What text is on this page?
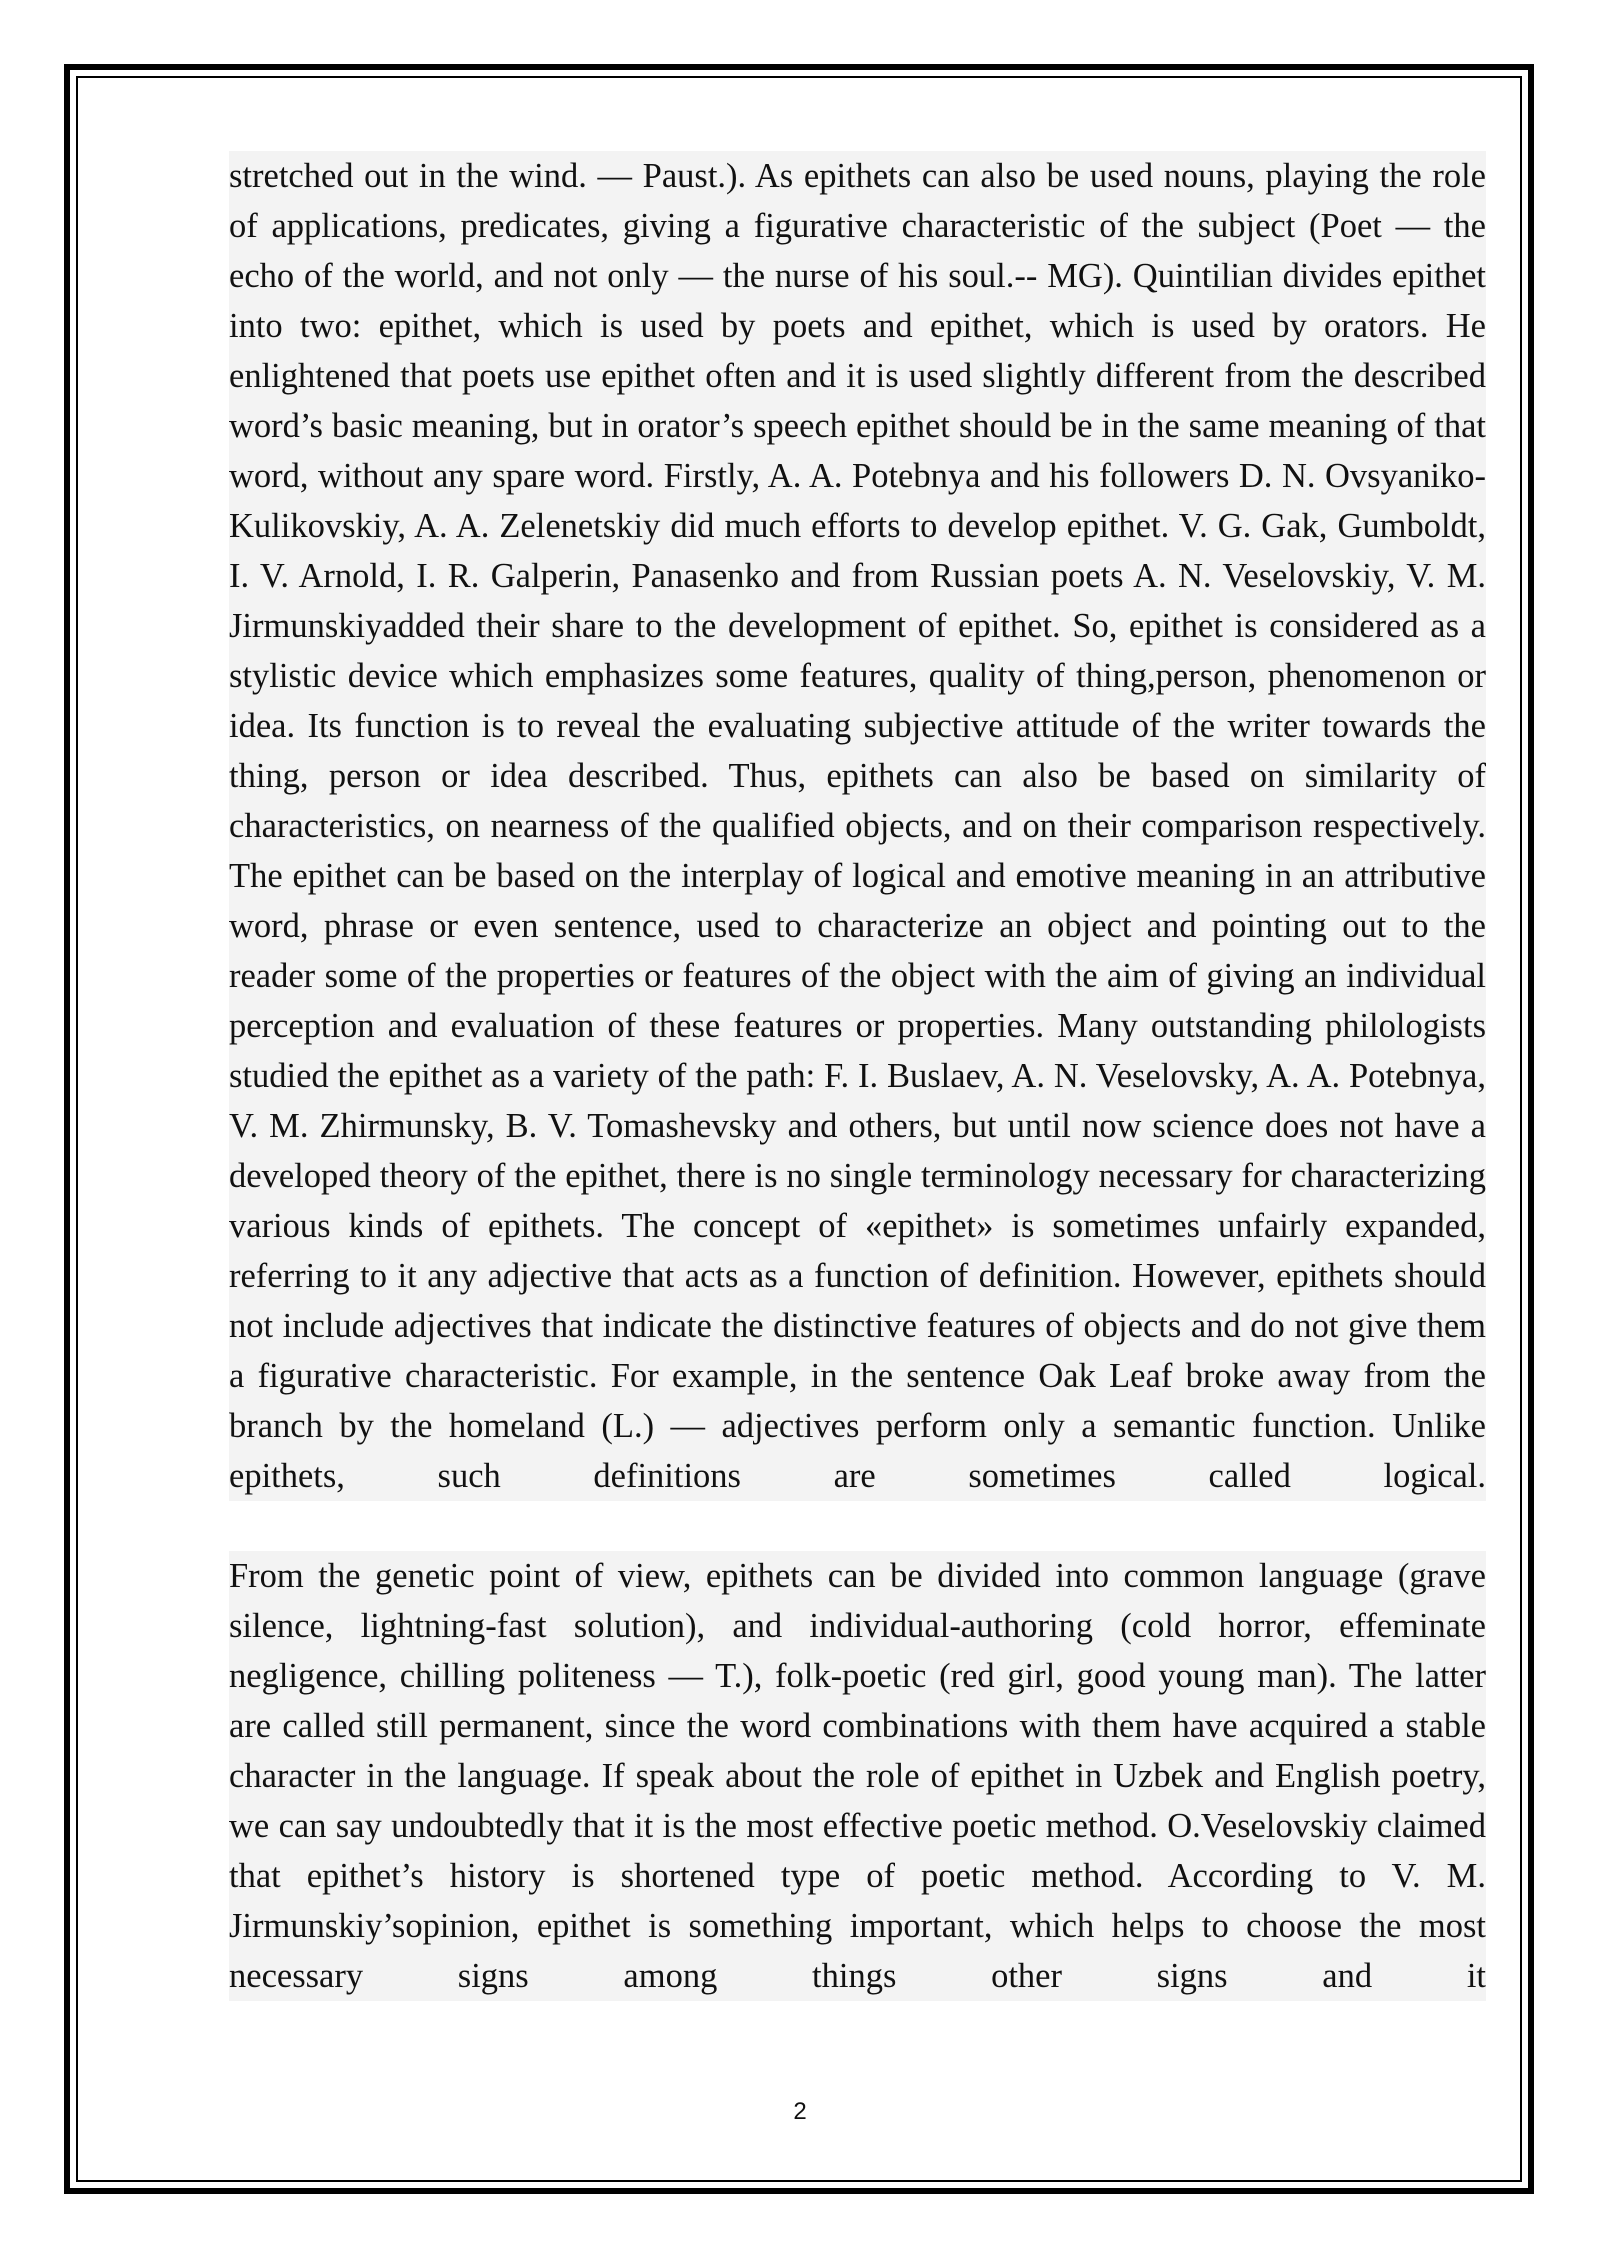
stretched out in the wind. — Paust.). As epithets can also be used nouns, playing the role of applications, predicates, giving a figurative characteristic of the subject (Poet — the echo of the world, and not only — the nurse of his soul.-- MG). Quintilian divides epithet into two: epithet, which is used by poets and epithet, which is used by orators. He enlightened that poets use epithet often and it is used slightly different from the described word’s basic meaning, but in orator’s speech epithet should be in the same meaning of that word, without any spare word. Firstly, A. A. Potebnya and his followers D. N. Ovsyaniko-Kulikovskiy, A. A. Zelenetskiy did much efforts to develop epithet. V. G. Gak, Gumboldt, I. V. Arnold, I. R. Galperin, Panasenko and from Russian poets A. N. Veselovskiy, V. M. Jirmunskiyadded their share to the development of epithet. So, epithet is considered as a stylistic device which emphasizes some features, quality of thing,person, phenomenon or idea. Its function is to reveal the evaluating subjective attitude of the writer towards the thing, person or idea described. Thus, epithets can also be based on similarity of characteristics, on nearness of the qualified objects, and on their comparison respectively. The epithet can be based on the interplay of logical and emotive meaning in an attributive word, phrase or even sentence, used to characterize an object and pointing out to the reader some of the properties or features of the object with the aim of giving an individual perception and evaluation of these features or properties. Many outstanding philologists studied the epithet as a variety of the path: F. I. Buslaev, A. N. Veselovsky, A. A. Potebnya, V. M. Zhirmunsky, B. V. Tomashevsky and others, but until now science does not have a developed theory of the epithet, there is no single terminology necessary for characterizing various kinds of epithets. The concept of «epithet» is sometimes unfairly expanded, referring to it any adjective that acts as a function of definition. However, epithets should not include adjectives that indicate the distinctive features of objects and do not give them a figurative characteristic. For example, in the sentence Oak Leaf broke away from the branch by the homeland (L.) — adjectives perform only a semantic function. Unlike epithets, such definitions are sometimes called logical.

From the genetic point of view, epithets can be divided into common language (grave silence, lightning-fast solution), and individual-authoring (cold horror, effeminate negligence, chilling politeness — T.), folk-poetic (red girl, good young man). The latter are called still permanent, since the word combinations with them have acquired a stable character in the language. If speak about the role of epithet in Uzbek and English poetry, we can say undoubtedly that it is the most effective poetic method. O.Veselovskiy claimed that epithet’s history is shortened type of poetic method. According to V. M. Jirmunskiy’sopinion, epithet is something important, which helps to choose the most necessary signs among things other signs and it

2
